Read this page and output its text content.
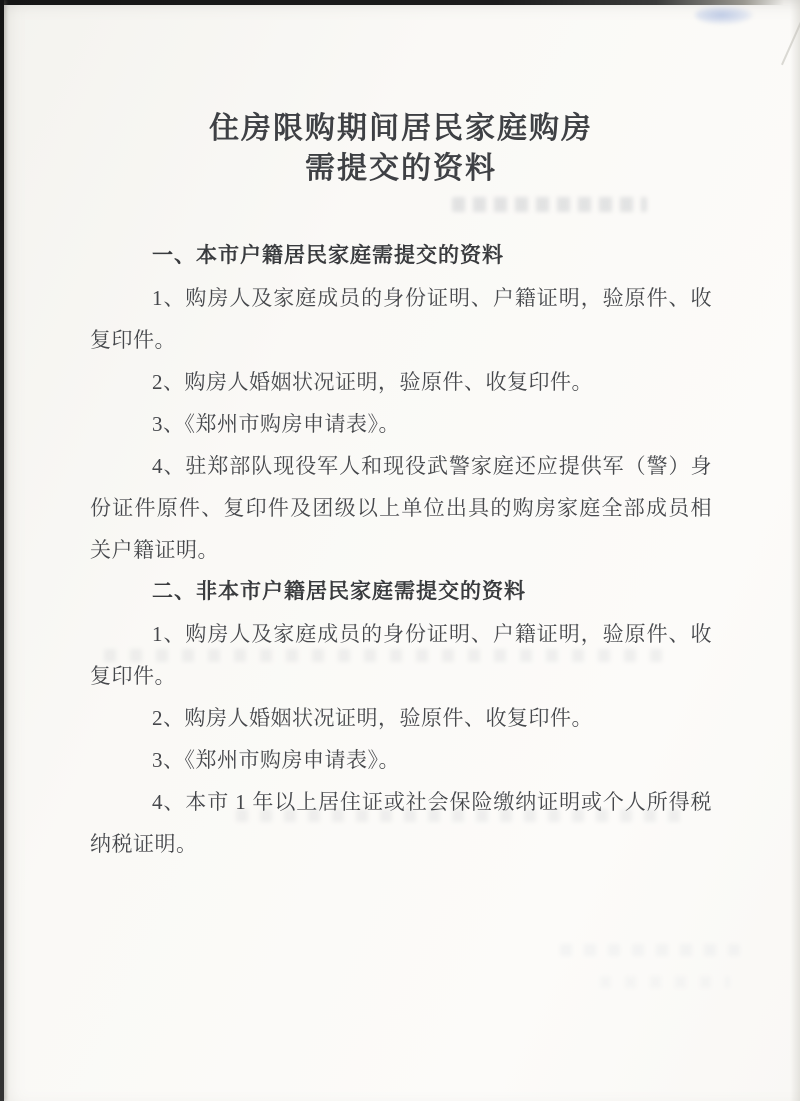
住房限购期间居民家庭购房
需提交的资料

一、本市户籍居民家庭需提交的资料

1、购房人及家庭成员的身份证明、户籍证明，验原件、收复印件。

2、购房人婚姻状况证明，验原件、收复印件。

3、《郑州市购房申请表》。

4、驻郑部队现役军人和现役武警家庭还应提供军（警）身份证件原件、复印件及团级以上单位出具的购房家庭全部成员相关户籍证明。

二、非本市户籍居民家庭需提交的资料

1、购房人及家庭成员的身份证明、户籍证明，验原件、收复印件。

2、购房人婚姻状况证明，验原件、收复印件。

3、《郑州市购房申请表》。

4、本市 1 年以上居住证或社会保险缴纳证明或个人所得税纳税证明。
